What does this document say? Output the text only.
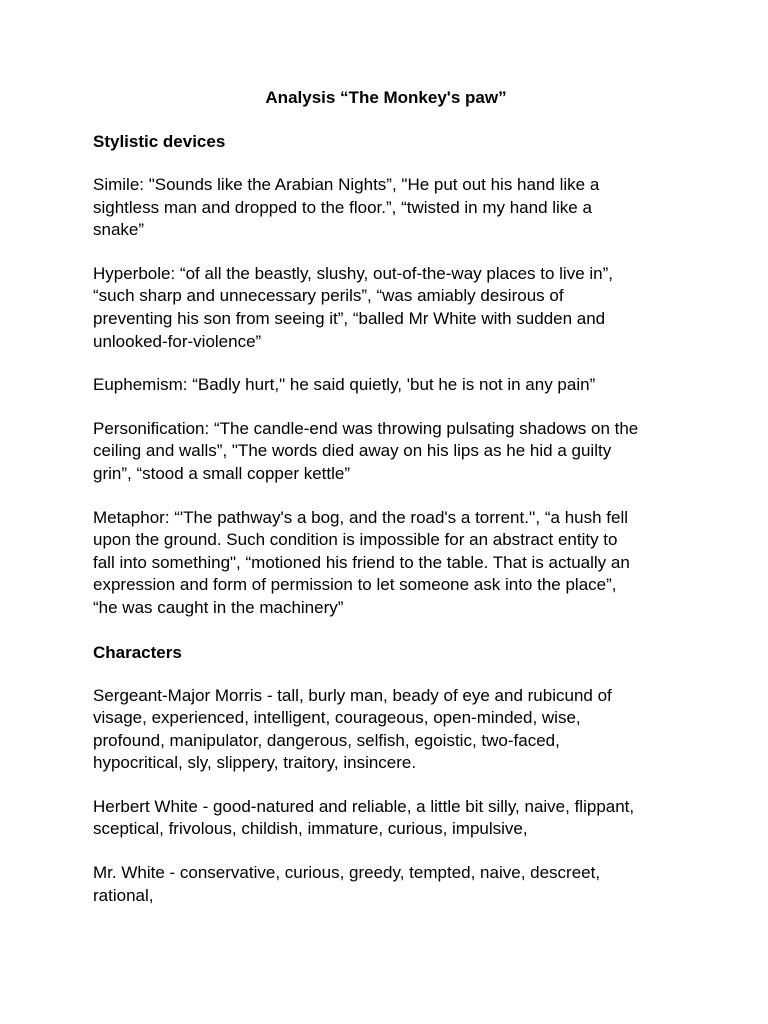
Analysis “The Monkey's paw”
Stylistic devices
Simile: "Sounds like the Arabian Nights”, "He put out his hand like a
sightless man and dropped to the floor.”, “twisted in my hand like a
snake”
Hyperbole: “of all the beastly, slushy, out-of-the-way places to live in”,
“such sharp and unnecessary perils”, “was amiably desirous of
preventing his son from seeing it”, “balled Mr White with sudden and
unlooked-for-violence”
Euphemism: “Badly hurt," he said quietly, 'but he is not in any pain”
Personification: “The candle-end was throwing pulsating shadows on the
ceiling and walls”, "The words died away on his lips as he hid a guilty
grin”, “stood a small copper kettle”
Metaphor: “'The pathway's a bog, and the road's a torrent.'', “a hush fell
upon the ground. Such condition is impossible for an abstract entity to
fall into something", “motioned his friend to the table. That is actually an
expression and form of permission to let someone ask into the place”,
“he was caught in the machinery”
Characters
Sergeant-Major Morris - tall, burly man, beady of eye and rubicund of
visage, experienced, intelligent, courageous, open-minded, wise,
profound, manipulator, dangerous, selfish, egoistic, two-faced,
hypocritical, sly, slippery, traitory, insincere.
Herbert White - good-natured and reliable, a little bit silly, naive, flippant,
sceptical, frivolous, childish, immature, curious, impulsive,
Mr. White - conservative, curious, greedy, tempted, naive, descreet,
rational,
